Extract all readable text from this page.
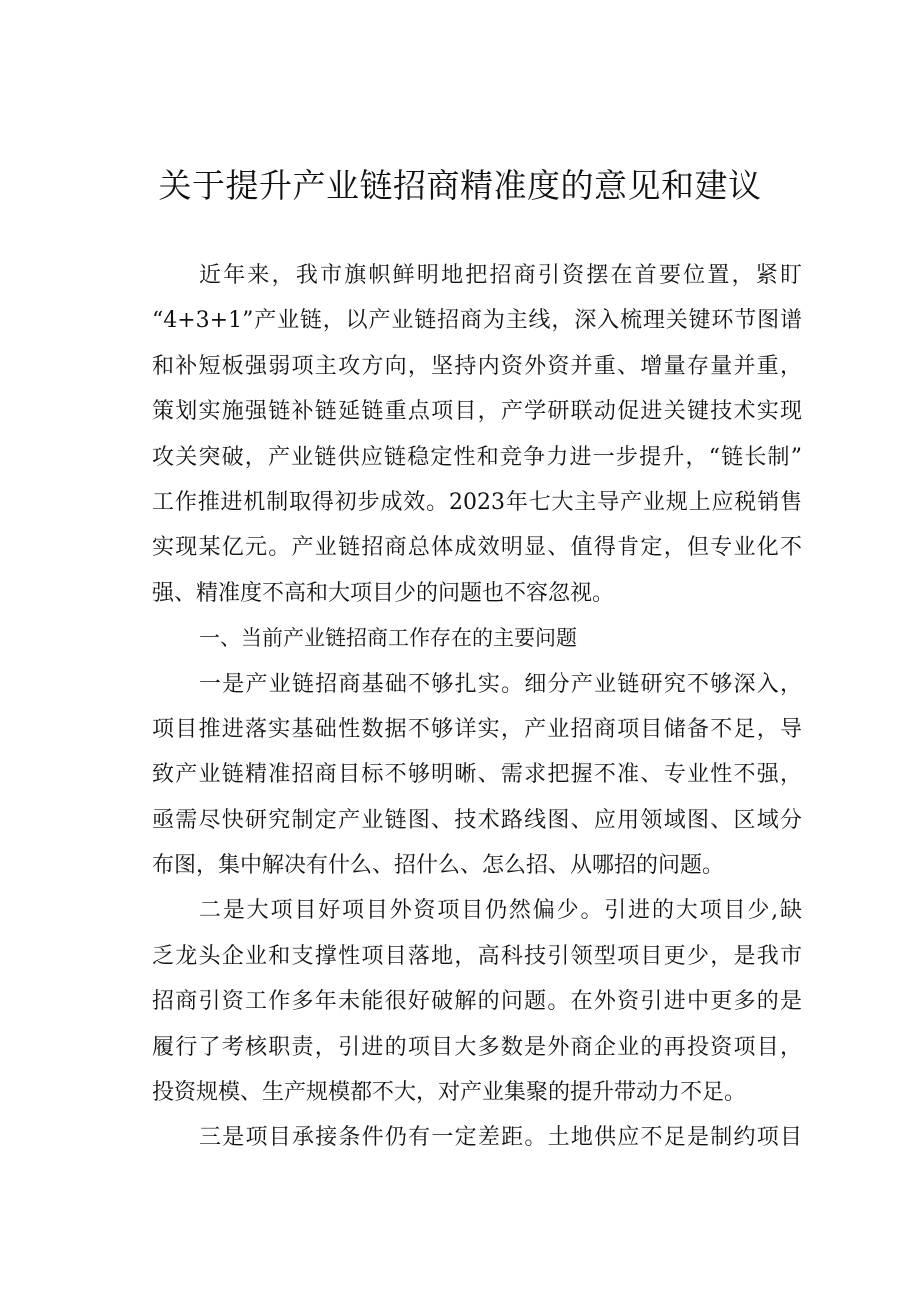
关于提升产业链招商精准度的意见和建议
近年来，我市旗帜鲜明地把招商引资摆在首要位置，紧盯
“4+3+1”产业链，以产业链招商为主线，深入梳理关键环节图谱
和补短板强弱项主攻方向，坚持内资外资并重、增量存量并重，
策划实施强链补链延链重点项目，产学研联动促进关键技术实现
攻关突破，产业链供应链稳定性和竞争力进一步提升，“链长制”
工作推进机制取得初步成效。2023年七大主导产业规上应税销售
实现某亿元。产业链招商总体成效明显、值得肯定，但专业化不
强、精准度不高和大项目少的问题也不容忽视。
一、当前产业链招商工作存在的主要问题
一是产业链招商基础不够扎实。细分产业链研究不够深入，
项目推进落实基础性数据不够详实，产业招商项目储备不足，导
致产业链精准招商目标不够明晰、需求把握不准、专业性不强，
亟需尽快研究制定产业链图、技术路线图、应用领域图、区域分
布图，集中解决有什么、招什么、怎么招、从哪招的问题。
二是大项目好项目外资项目仍然偏少。引进的大项目少,缺
乏龙头企业和支撑性项目落地，高科技引领型项目更少，是我市
招商引资工作多年未能很好破解的问题。在外资引进中更多的是
履行了考核职责，引进的项目大多数是外商企业的再投资项目，
投资规模、生产规模都不大，对产业集聚的提升带动力不足。
三是项目承接条件仍有一定差距。土地供应不足是制约项目
